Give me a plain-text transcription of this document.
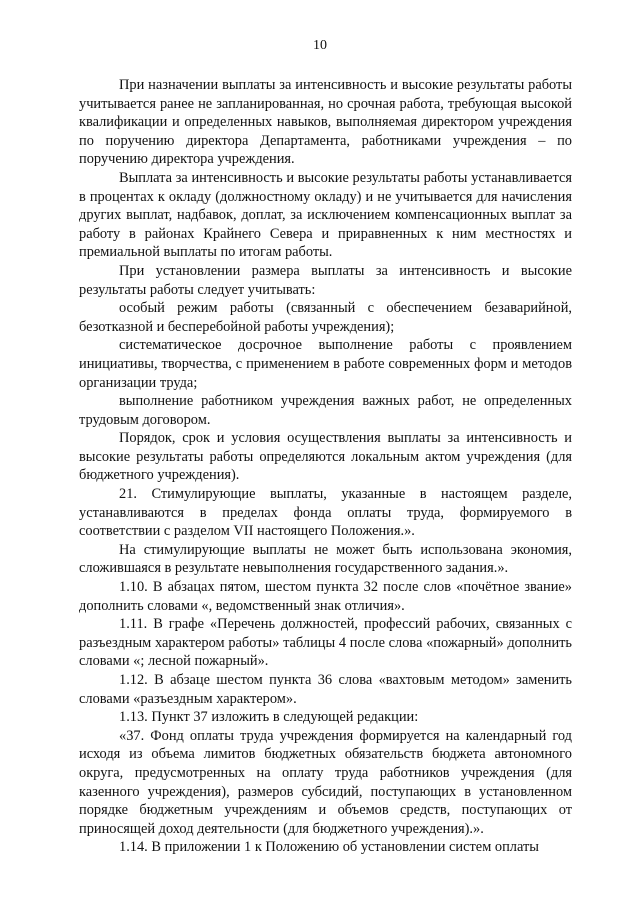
10

При назначении выплаты за интенсивность и высокие результаты работы учитывается ранее не запланированная, но срочная работа, требующая высокой квалификации и определенных навыков, выполняемая директором учреждения по поручению директора Департамента, работниками учреждения – по поручению директора учреждения.

Выплата за интенсивность и высокие результаты работы устанавливается в процентах к окладу (должностному окладу) и не учитывается для начисления других выплат, надбавок, доплат, за исключением компенсационных выплат за работу в районах Крайнего Севера и приравненных к ним местностях и премиальной выплаты по итогам работы.

При установлении размера выплаты за интенсивность и высокие результаты работы следует учитывать:

особый режим работы (связанный с обеспечением безаварийной, безотказной и бесперебойной работы учреждения);

систематическое досрочное выполнение работы с проявлением инициативы, творчества, с применением в работе современных форм и методов организации труда;

выполнение работником учреждения важных работ, не определенных трудовым договором.

Порядок, срок и условия осуществления выплаты за интенсивность и высокие результаты работы определяются локальным актом учреждения (для бюджетного учреждения).

21. Стимулирующие выплаты, указанные в настоящем разделе, устанавливаются в пределах фонда оплаты труда, формируемого в соответствии с разделом VII настоящего Положения.».

На стимулирующие выплаты не может быть использована экономия, сложившаяся в результате невыполнения государственного задания.».

1.10. В абзацах пятом, шестом пункта 32 после слов «почётное звание» дополнить словами «, ведомственный знак отличия».

1.11. В графе «Перечень должностей, профессий рабочих, связанных с разъездным характером работы» таблицы 4 после слова «пожарный» дополнить словами «; лесной пожарный».

1.12. В абзаце шестом пункта 36 слова «вахтовым методом» заменить словами «разъездным характером».

1.13. Пункт 37 изложить в следующей редакции:

«37. Фонд оплаты труда учреждения формируется на календарный год исходя из объема лимитов бюджетных обязательств бюджета автономного округа, предусмотренных на оплату труда работников учреждения (для казенного учреждения), размеров субсидий, поступающих в установленном порядке бюджетным учреждениям и объемов средств, поступающих от приносящей доход деятельности (для бюджетного учреждения).».

1.14. В приложении 1 к Положению об установлении систем оплаты
